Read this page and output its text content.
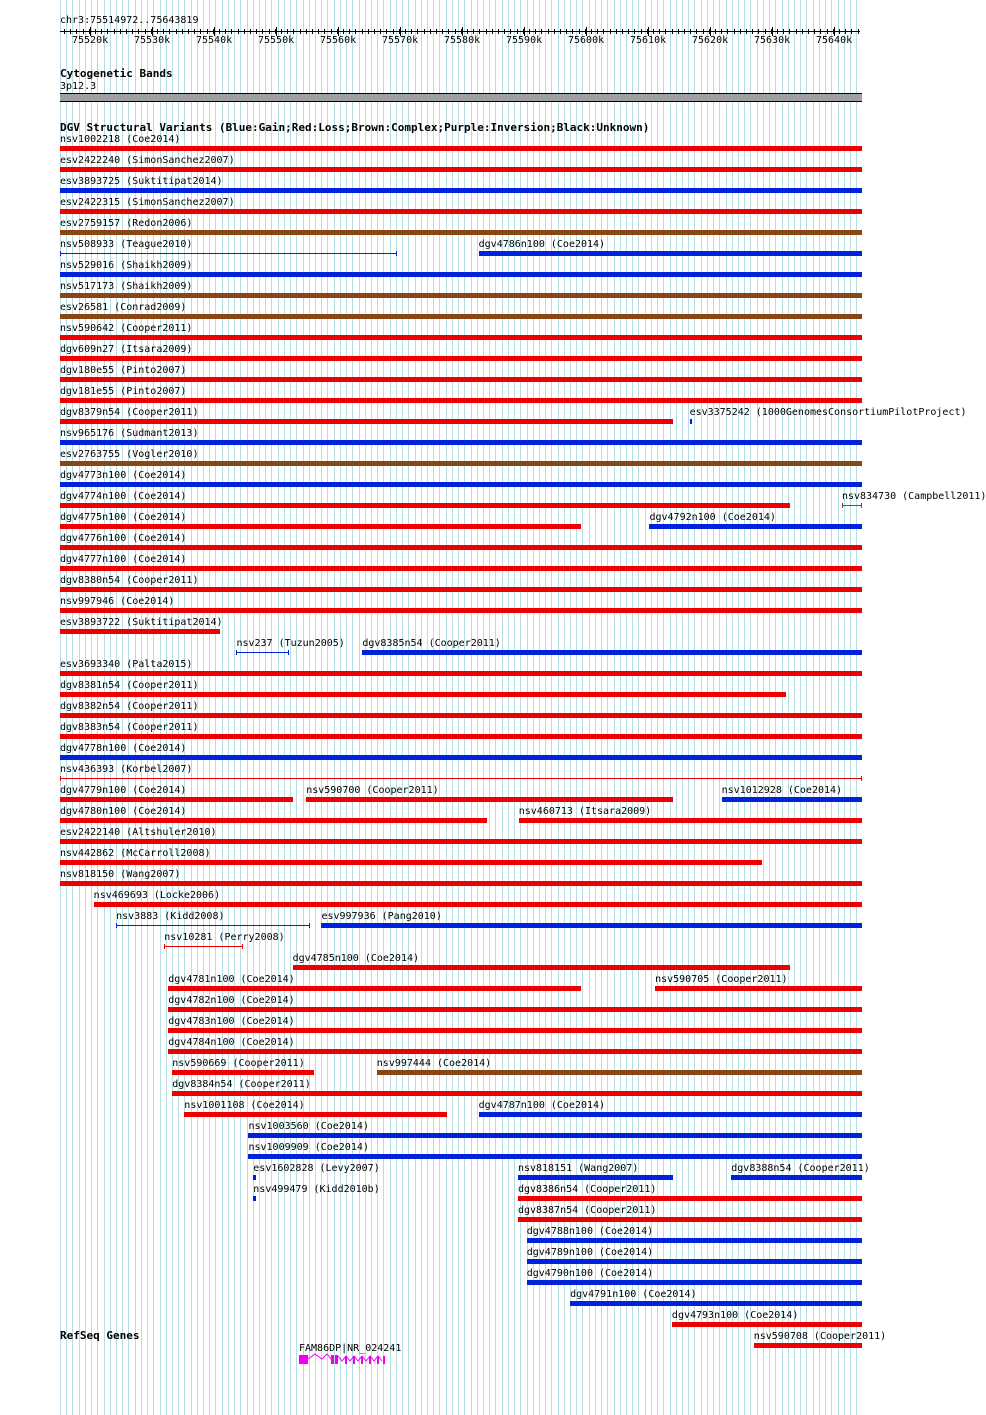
chr3:75514972..75643819
75520k	75530k	75540k	75550k	75560k	75570k	75580k	75590k	75600k	75610k	75620k	75630k	75640k
Cytogenetic Bands
3p12.3
DGV Structural Variants (Blue:Gain;Red:Loss;Brown:Complex;Purple:Inversion;Black:Unknown)
nsv1002218 (Coe2014)
esv2422240 (SimonSanchez2007)
esv3893725 (Suktitipat2014)
esv2422315 (SimonSanchez2007)
esv2759157 (Redon2006)
nsv508933 (Teague2010)	dgv4786n100 (Coe2014)
nsv529016 (Shaikh2009)
nsv517173 (Shaikh2009)
esv26581 (Conrad2009)
nsv590642 (Cooper2011)
dgv609n27 (Itsara2009)
dgv180e55 (Pinto2007)
dgv181e55 (Pinto2007)
dgv8379n54 (Cooper2011)	esv3375242 (1000GenomesConsortiumPilotProject)
nsv965176 (Sudmant2013)
esv2763755 (Vogler2010)
dgv4773n100 (Coe2014)
dgv4774n100 (Coe2014)	nsv834730 (Campbell2011)
dgv4775n100 (Coe2014)	dgv4792n100 (Coe2014)
dgv4776n100 (Coe2014)
dgv4777n100 (Coe2014)
dgv8380n54 (Cooper2011)
nsv997946 (Coe2014)
esv3893722 (Suktitipat2014)
nsv237 (Tuzun2005) dgv8385n54 (Cooper2011)
esv3693340 (Palta2015)
dgv8381n54 (Cooper2011)
dgv8382n54 (Cooper2011)
dgv8383n54 (Cooper2011)
dgv4778n100 (Coe2014)
nsv436393 (Korbel2007)
dgv4779n100 (Coe2014)	nsv590700 (Cooper2011)	nsv1012928 (Coe2014)
dgv4780n100 (Coe2014)	nsv460713 (Itsara2009)
esv2422140 (Altshuler2010)
nsv442862 (McCarroll2008)
nsv818150 (Wang2007)
nsv469693 (Locke2006)
nsv3883 (Kidd2008)	esv997936 (Pang2010)
nsv10281 (Perry2008)
dgv4785n100 (Coe2014)
dgv4781n100 (Coe2014)	nsv590705 (Cooper2011)
dgv4782n100 (Coe2014)
dgv4783n100 (Coe2014)
dgv4784n100 (Coe2014)
nsv590669 (Cooper2011)	nsv997444 (Coe2014)
dgv8384n54 (Cooper2011)
nsv1001108 (Coe2014)	dgv4787n100 (Coe2014)
nsv1003560 (Coe2014)
nsv1009909 (Coe2014)
esv1602828 (Levy2007)	nsv818151 (Wang2007)	dgv8388n54 (Cooper2011)
nsv499479 (Kidd2010b)	dgv8386n54 (Cooper2011)
dgv8387n54 (Cooper2011)
dgv4788n100 (Coe2014)
dgv4789n100 (Coe2014)
dgv4790n100 (Coe2014)
dgv4791n100 (Coe2014)
dgv4793n100 (Coe2014)
nsv590708 (Cooper2011)
RefSeq Genes
FAM86DP|NR_024241
